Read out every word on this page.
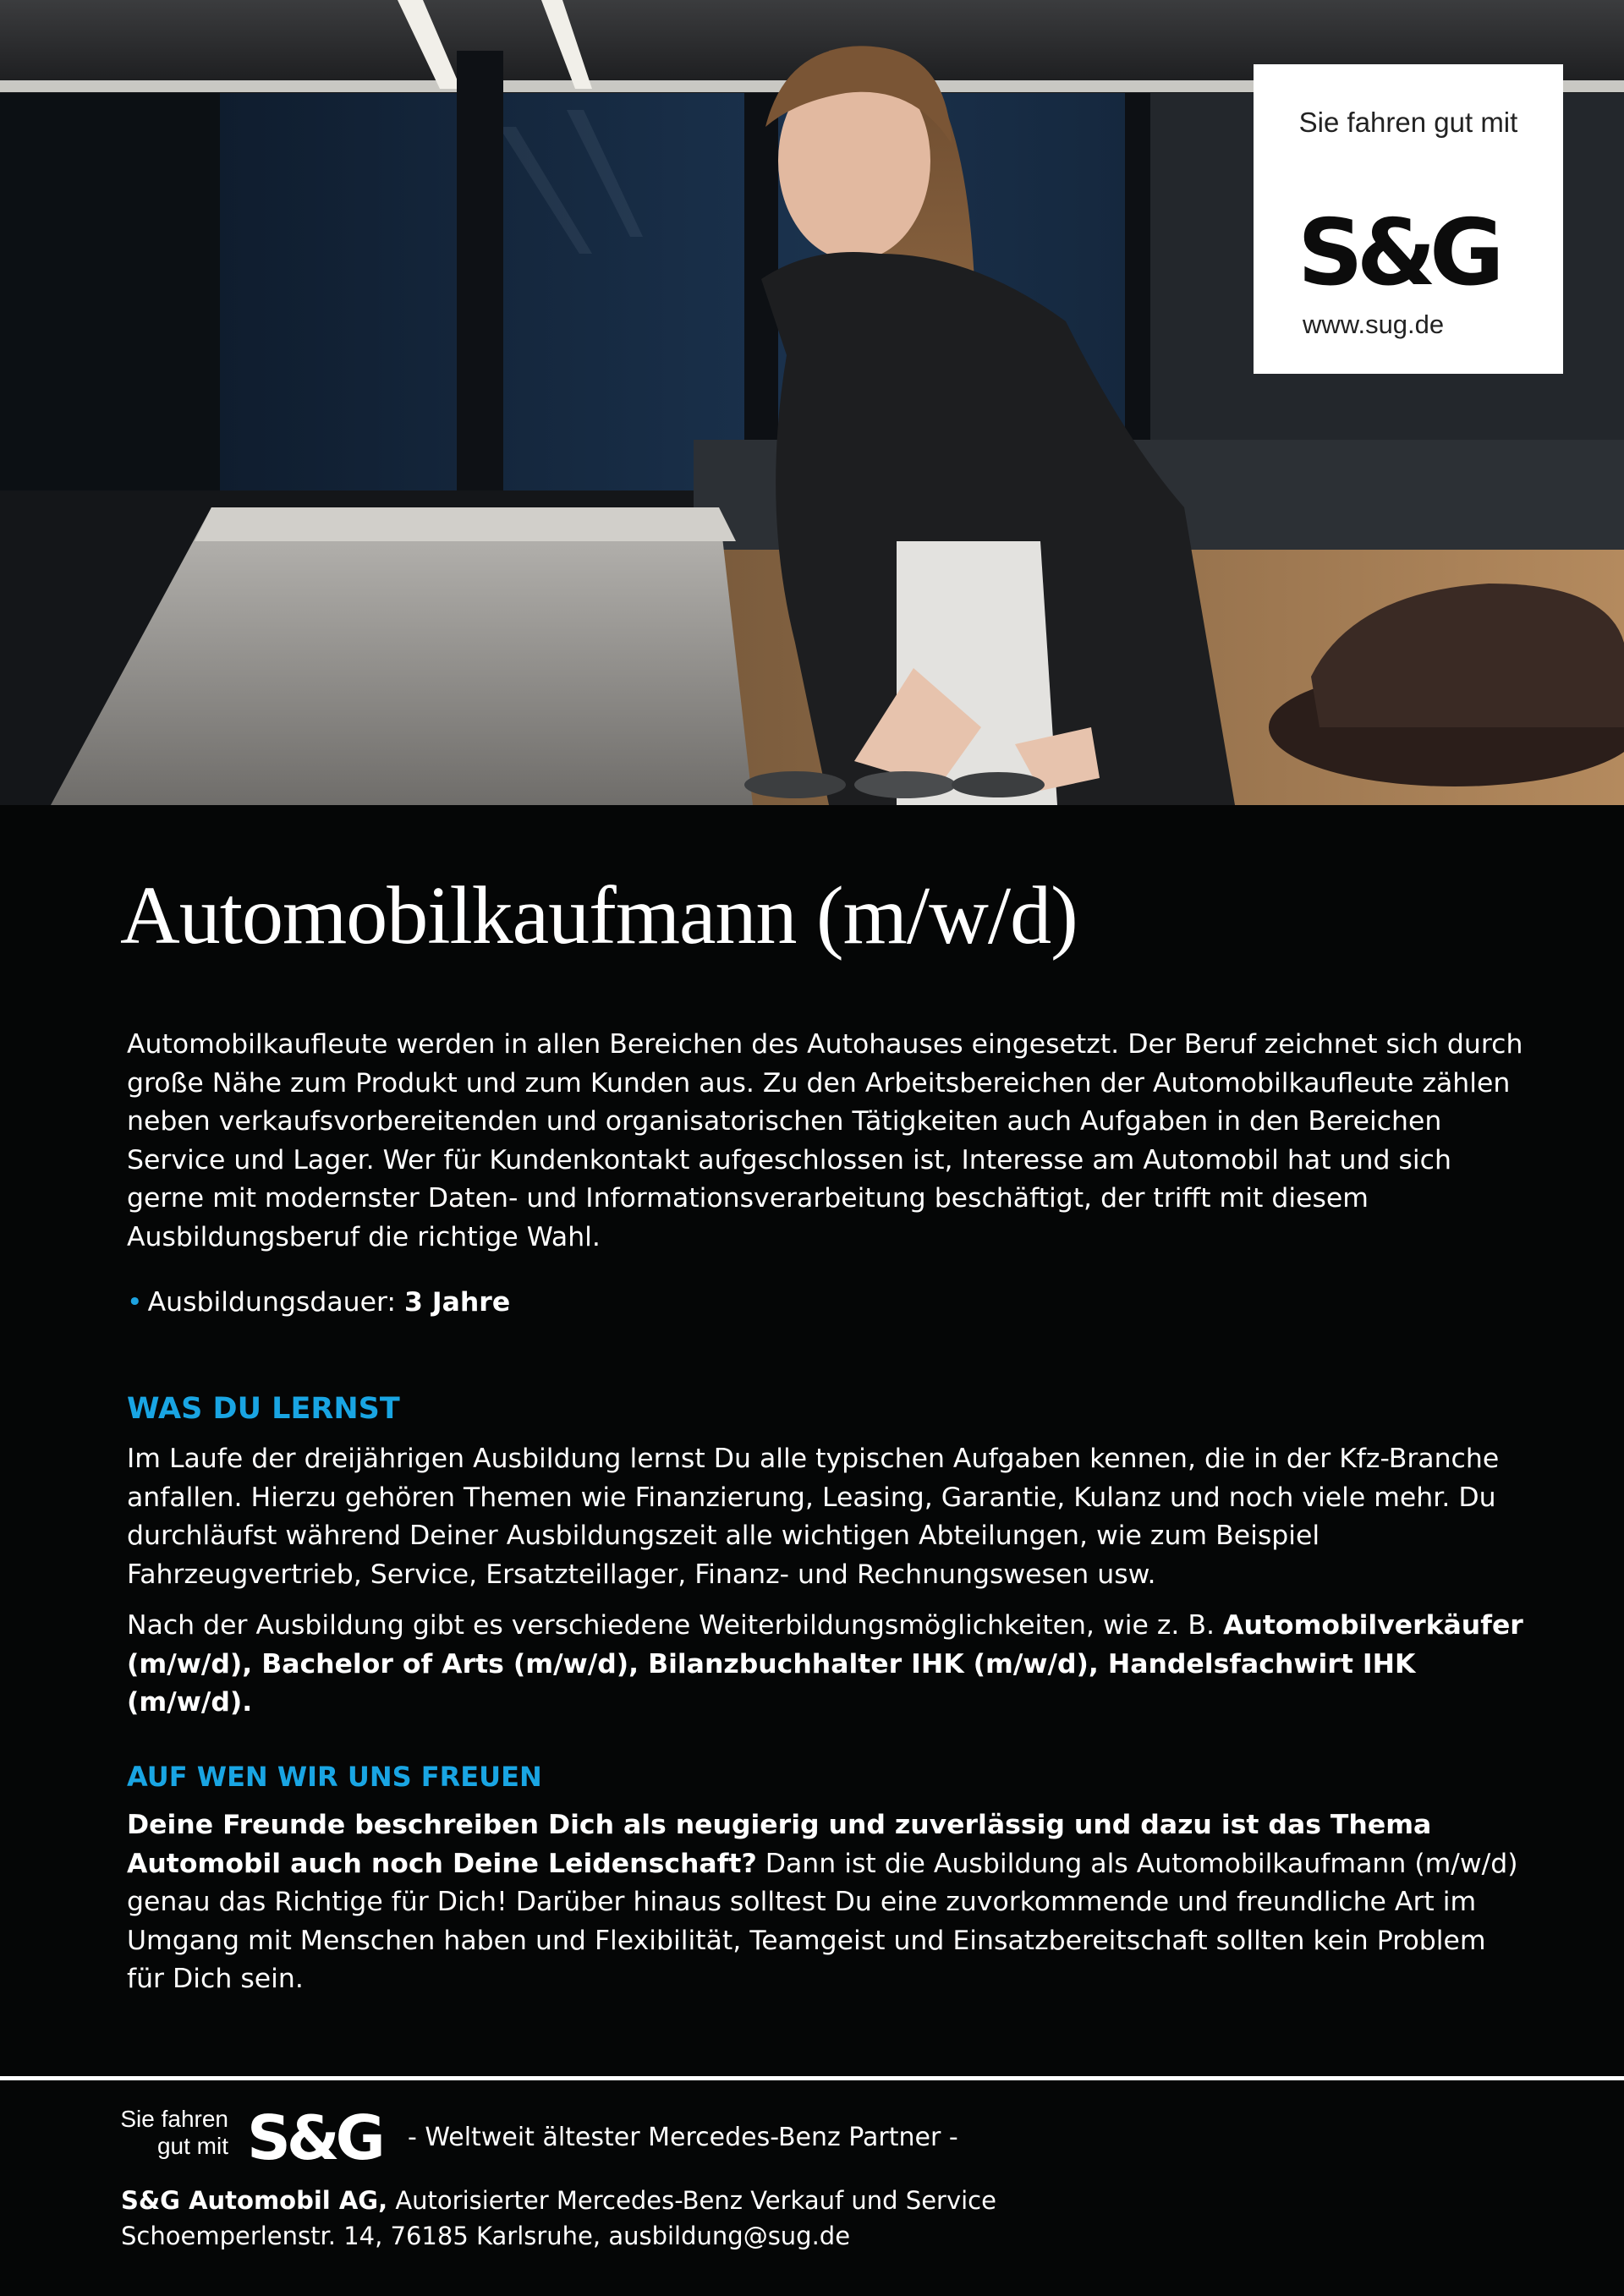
Sie fahren gut mit
S&G
www.sug.de
Automobilkaufmann (m/w/d)

Automobilkaufleute werden in allen Bereichen des Autohauses eingesetzt. Der Beruf zeichnet sich durch große Nähe zum Produkt und zum Kunden aus. Zu den Arbeitsbereichen der Automobilkaufleute zählen neben verkaufsvorbereitenden und organisatorischen Tätigkeiten auch Aufgaben in den Bereichen Service und Lager. Wer für Kundenkontakt aufgeschlossen ist, Interesse am Automobil hat und sich gerne mit modernster Daten- und Informationsverarbeitung beschäftigt, der trifft mit diesem Ausbildungsberuf die richtige Wahl.

• Ausbildungsdauer: 3 Jahre
WAS DU LERNST

Im Laufe der dreijährigen Ausbildung lernst Du alle typischen Aufgaben kennen, die in der Kfz-Branche anfallen. Hierzu gehören Themen wie Finanzierung, Leasing, Garantie, Kulanz und noch viele mehr. Du durchläufst während Deiner Ausbildungszeit alle wichtigen Abteilungen, wie zum Beispiel Fahrzeugvertrieb, Service, Ersatzteillager, Finanz- und Rechnungswesen usw.

Nach der Ausbildung gibt es verschiedene Weiterbildungsmöglichkeiten, wie z. B. Automobilverkäufer (m/w/d), Bachelor of Arts (m/w/d), Bilanzbuchhalter IHK (m/w/d), Handelsfachwirt IHK (m/w/d).

AUF WEN WIR UNS FREUEN

Deine Freunde beschreiben Dich als neugierig und zuverlässig und dazu ist das Thema Automobil auch noch Deine Leidenschaft? Dann ist die Ausbildung als Automobilkaufmann (m/w/d) genau das Richtige für Dich! Darüber hinaus solltest Du eine zuvorkommende und freundliche Art im Umgang mit Menschen haben und Flexibilität, Teamgeist und Einsatzbereitschaft sollten kein Problem für Dich sein.

Sie fahren
gut mit S&G - Weltweit ältester Mercedes-Benz Partner -
S&G Automobil AG, Autorisierter Mercedes-Benz Verkauf und Service
Schoemperlenstr. 14, 76185 Karlsruhe, ausbildung@sug.de
